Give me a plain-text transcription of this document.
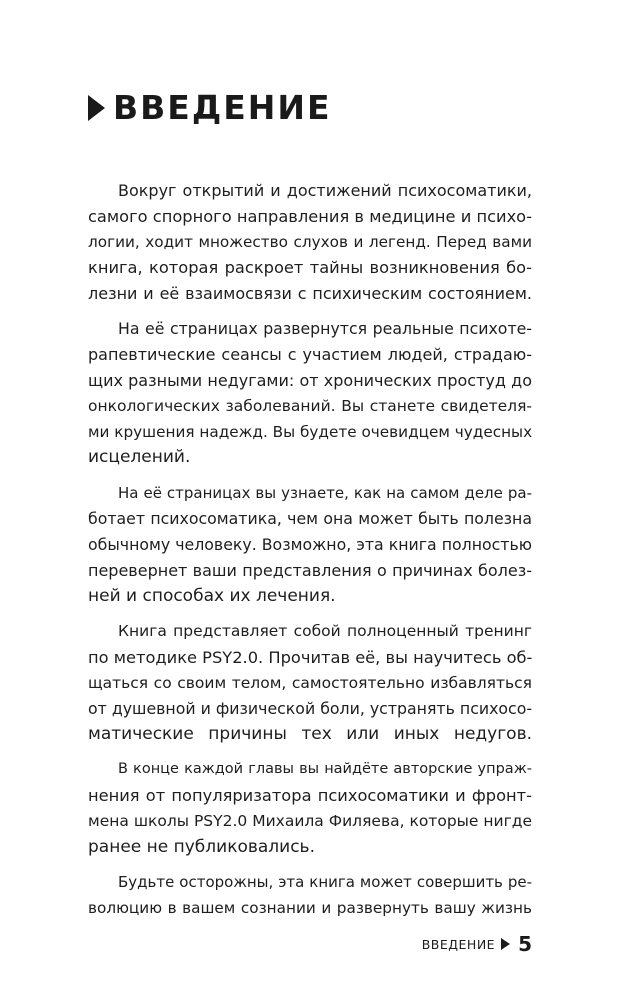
ВВЕДЕНИЕ
Вокруг открытий и достижений психосоматики,
самого спорного направления в медицине и психо-
логии, ходит множество слухов и легенд. Перед вами
книга, которая раскроет тайны возникновения бо-
лезни и её взаимосвязи с психическим состоянием.
На её страницах развернутся реальные психоте-
рапевтические сеансы с участием людей, страдаю-
щих разными недугами: от хронических простуд до
онкологических заболеваний. Вы станете свидетеля-
ми крушения надежд. Вы будете очевидцем чудесных
исцелений.
На её страницах вы узнаете, как на самом деле ра-
ботает психосоматика, чем она может быть полезна
обычному человеку. Возможно, эта книга полностью
перевернет ваши представления о причинах болез-
ней и способах их лечения.
Книга представляет собой полноценный тренинг
по методике PSY2.0. Прочитав её, вы научитесь об-
щаться со своим телом, самостоятельно избавляться
от душевной и физической боли, устранять психосо-
матические причины тех или иных недугов.
В конце каждой главы вы найдёте авторские упраж-
нения от популяризатора психосоматики и фронт-
мена школы PSY2.0 Михаила Филяева, которые нигде
ранее не публиковались.
Будьте осторожны, эта книга может совершить ре-
волюцию в вашем сознании и развернуть вашу жизнь
ВВЕДЕНИЕ 5
